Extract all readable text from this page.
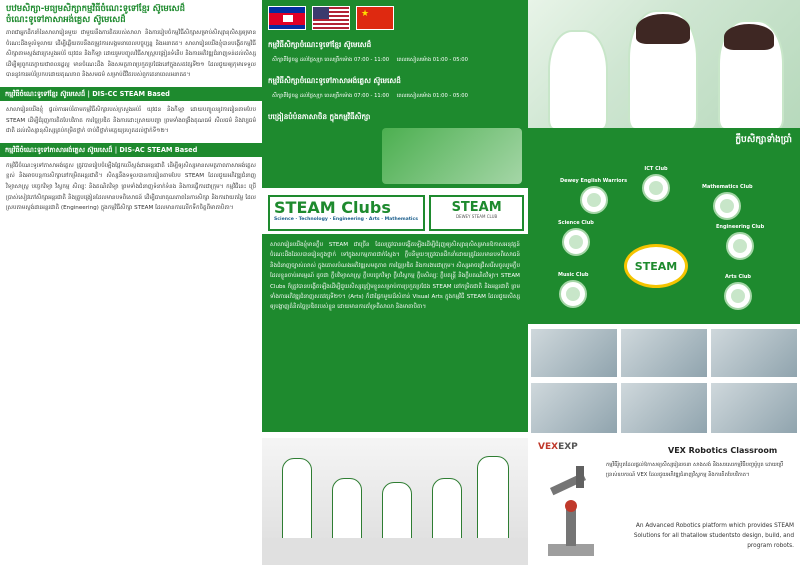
បឋមសិក្សា-មធ្យមសិក្សាកម្មវិធីចំណេះទូទៅខ្មែរ ស៊ូមេសេដ៏
ចំណេះទូទៅភាសាអង់គ្លេស ស៊ូមេសេដ៏

ភាពជាអ្នកដឹកនាំនៃសាលារៀនមួយ ជាមួយនឹងការគិតរបស់សាលា និងការរៀបចំកម្មវិធីសិក្សាសម្រាប់សិស្សានុសិស្សឲ្យមានចំណេះដឹងទូលំទូលាយ ដើម្បីឆ្លើយតបនឹងតម្រូវការសង្គមនាពេលបច្ចុប្បន្ន និងអនាគត។ សាលារៀនយើងខ្ញុំបានបង្កើតកម្មវិធីសិក្សាតាមស្តង់ដារក្រសួងអប់រំ យុវជន និងកីឡា ដោយរួមបញ្ចូលវិធីសាស្រ្តបង្រៀនទំនើប និងការអភិវឌ្ឍជំនាញទន់ដល់សិស្ស ដើម្បីឲ្យពួកគេក្លាយជាពលរដ្ឋល្អ មានចំណេះដឹង និងសមត្ថភាពប្រកួតប្រជែងនៅក្នុងសតវត្សទី២១ ដែលជួយឲ្យកុមារទទួលបាននូវការអប់រំប្រកបដោយគុណភាព និងសមធម៌ សម្រាប់ជីវិតរបស់ពួកគេនាពេលអនាគត។

កម្មវិធីចំណេះទូទៅខ្មែរ ស៊ូមេសេដ៏ | DIS-CC STEAM Based

សាលារៀនយើងខ្ញុំ ផ្តល់ការអប់រំតាមកម្មវិធីសិក្សារបស់ក្រសួងអប់រំ យុវជន និងកីឡា ដោយបញ្ចូលនូវការរៀនតាមបែប STEAM ដើម្បីជំរុញការគិតបែបវិភាគ ការច្នៃប្រឌិត និងការដោះស្រាយបញ្ហា ព្រមទាំងពង្រឹងគុណធម៌ សីលធម៌ និងវប្បធម៌ជាតិ ដល់សិស្សានុសិស្សគ្រប់កម្រិតថ្នាក់ ចាប់ពីថ្នាក់មត្តេយ្យរហូតដល់ថ្នាក់ទី១២។

កម្មវិធីចំណេះទូទៅភាសាអង់គ្លេស ស៊ូមេសេដ៏ | DIS-AC STEAM Based

កម្មវិធីចំណេះទូទៅភាសាអង់គ្លេស ត្រូវបានរៀបចំឡើងផ្អែកលើស្តង់ដារអន្តរជាតិ ដើម្បីឲ្យសិស្សមានសមត្ថភាពភាសាអង់គ្លេសខ្ពស់ និងអាចបន្តការសិក្សានៅកម្រិតអន្តរជាតិ។ សិស្សនឹងទទួលបានការរៀនតាមបែប STEAM ដែលជួយអភិវឌ្ឍជំនាញវិទ្យាសាស្រ្ត បច្ចេកវិទ្យា វិស្វកម្ម សិល្បៈ និងគណិតវិទ្យា ព្រមទាំងជំនាញទំនាក់ទំនង និងការធ្វើការជាក្រុម។ កម្មវិធីនេះ ប្រើប្រាស់សៀវភៅសិក្សាអន្តរជាតិ និងគ្រូបង្រៀនដែលមានបទពិសោធន៍ ដើម្បីធានាគុណភាពនៃការសិក្សា និងការវាយតម្លៃ ដែលស្របតាមស្តង់ដារអន្តរជាតិ (Engineering) ក្នុងកម្មវិធីសិក្សា STEAM ដែលមានការលើកទឹកចិត្តពីមាតាបិតា។

★
កម្មវិធីសិក្សាចំណេះទូទៅខ្មែរ ស៊ូមេសេដ៏
សិក្សាពីថ្ងៃចន្ទ ដល់ថ្ងៃសុក្រ ពេលព្រឹកម៉ោង 07:00 - 11:00 ពេលរសៀលម៉ោង 01:00 - 05:00
កម្មវិធីសិក្សាចំណេះទូទៅភាសាអង់គ្លេស ស៊ូមេសេដ៏
សិក្សាពីថ្ងៃចន្ទ ដល់ថ្ងៃសុក្រ ពេលព្រឹកម៉ោង 07:00 - 11:00 ពេលរសៀលម៉ោង 01:00 - 05:00
បង្រៀនបំប៉នភាសាចិន ក្នុងកម្មវិធីសិក្សា
STEAM Clubs
Science · Technology · Engineering · Arts · Mathematics
STEAM
DEWEY STEAM CLUB

សាលារៀនយើងខ្ញុំមានក្លឹប STEAM ជាច្រើន ដែលត្រូវបានបង្កើតឡើងដើម្បីជំរុញឲ្យសិស្សានុសិស្សមានឱកាសអនុវត្តន៍ចំណេះដឹងដែលបានរៀនក្នុងថ្នាក់ ទៅក្នុងសកម្មភាពជាក់ស្តែង។ ក្លឹបនីមួយៗត្រូវបានដឹកនាំដោយគ្រូដែលមានបទពិសោធន៍ និងជំនាញច្បាស់លាស់ ក្នុងគោលបំណងអភិវឌ្ឍសមត្ថភាព ការច្នៃប្រឌិត និងការងារជាក្រុម។ សិស្សអាចជ្រើសរើសចូលរួមក្លឹបដែលខ្លួនចាប់អារម្មណ៍ ដូចជា ក្លឹបវិទ្យាសាស្រ្ត ក្លឹបបច្ចេកវិទ្យា ក្លឹបវិស្វកម្ម ក្លឹបសិល្បៈ ក្លឹបតន្ត្រី និងក្លឹបគណិតវិទ្យា។ STEAM Clubs ក៏ត្រូវបានបង្កើតឡើងដើម្បីជួយសិស្សត្រៀមខ្លួនសម្រាប់ការប្រកួតប្រជែង STEAM នៅកម្រិតជាតិ និងអន្តរជាតិ ព្រមទាំងការអភិវឌ្ឍជំនាញសតវត្សទី២១។ (Arts) ក៏ជាផ្នែកមួយដ៏សំខាន់ Visual Arts ក្នុងកម្មវិធី STEAM ដែលជួយសិស្សឲ្យបង្ហាញគំនិតច្នៃប្រឌិតរបស់ខ្លួន ដោយមានការគាំទ្រពីសាលា និងមាតាបិតា។

ក្លឹបសិក្សាទាំងប្រាំ
Dewey English Warriors
ICT Club
Mathematics Club
Science Club
Engineering Club
Music Club	Arts Club
STEAM
VEXEXP	VEX Robotics Classroom
កម្មវិធីរ៉ូបូតដែលផ្តល់ឱកាសឲ្យសិស្សរៀនរចនា សាងសង់ និងសរសេរកម្មវិធីបញ្ជារ៉ូបូត ដោយប្រើប្រាស់ឧបករណ៍ VEX ដែលជួយអភិវឌ្ឍជំនាញវិស្វកម្ម និងការគិតបែបវិភាគ។
An Advanced Robotics platform which provides STEAM Solutions for all thatallow studentsto design, build, and program robots.
